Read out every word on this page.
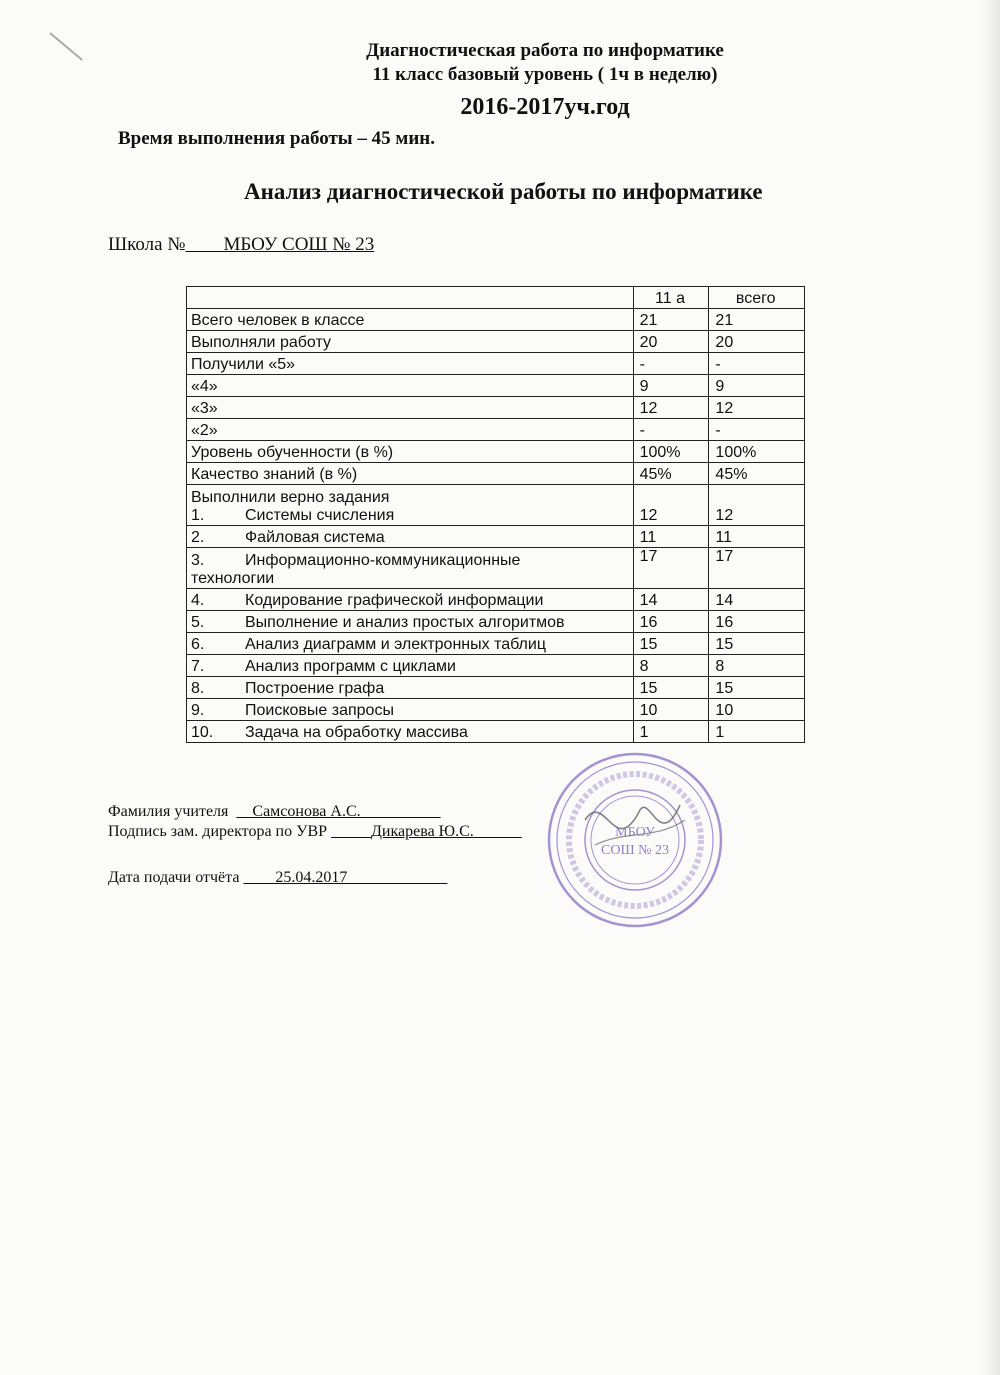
Диагностическая работа по информатике
11 класс базовый уровень ( 1ч в неделю)
2016-2017уч.год
Время выполнения работы – 45 мин.
Анализ диагностической работы по информатике
Школа № МБОУ СОШ № 23
	11 а	всего
Всего человек в классе	21	21
Выполняли работу	20	20
Получили «5»	-	-
«4»	9	9
«3»	12	12
«2»	-	-
Уровень обученности (в %)	100%	100%
Качество знаний (в %)	45%	45%

Выполнили верно задания
1. Системы счисления	12	12
2. Файловая система	11	11

3. Информационно-коммуникационные
технологии	17	17
4. Кодирование графической информации	14	14
5. Выполнение и анализ простых алгоритмов	16	16
6. Анализ диаграмм и электронных таблиц	15	15
7. Анализ программ с циклами	8	8
8. Построение графа	15	15
9. Поисковые запросы	10	10
10. Задача на обработку массива	1	1
Фамилия учителя Самсонова А.С.
Подпись зам. директора по УВР	Дикарева Ю.С.
Дата подачи отчёта 25.04.2017
МБОУ
СОШ № 23
